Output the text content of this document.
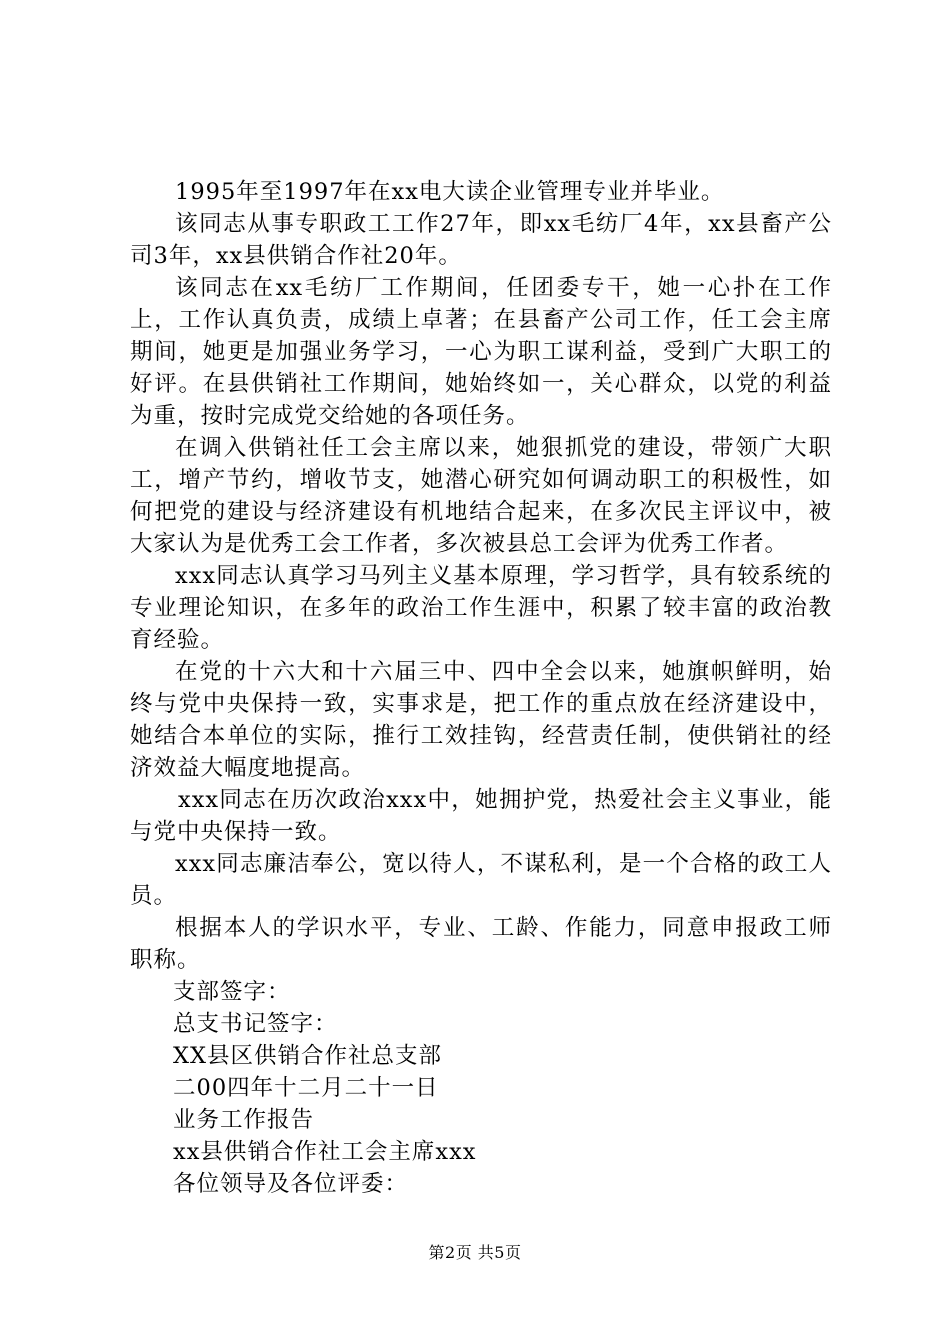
1995年至1997年在xx电大读企业管理专业并毕业。

该同志从事专职政工工作27年，即xx毛纺厂4年，xx县畜产公司3年，xx县供销合作社20年。

该同志在xx毛纺厂工作期间，任团委专干，她一心扑在工作上，工作认真负责，成绩上卓著；在县畜产公司工作，任工会主席期间，她更是加强业务学习，一心为职工谋利益，受到广大职工的好评。在县供销社工作期间，她始终如一，关心群众，以党的利益为重，按时完成党交给她的各项任务。

在调入供销社任工会主席以来，她狠抓党的建设，带领广大职工，增产节约，增收节支，她潜心研究如何调动职工的积极性，如何把党的建设与经济建设有机地结合起来，在多次民主评议中，被大家认为是优秀工会工作者，多次被县总工会评为优秀工作者。

xxx同志认真学习马列主义基本原理，学习哲学，具有较系统的专业理论知识，在多年的政治工作生涯中，积累了较丰富的政治教育经验。

在党的十六大和十六届三中、四中全会以来，她旗帜鲜明，始终与党中央保持一致，实事求是，把工作的重点放在经济建设中，她结合本单位的实际，推行工效挂钩，经营责任制，使供销社的经济效益大幅度地提高。

xxx同志在历次政治xxx中，她拥护党，热爱社会主义事业，能与党中央保持一致。

xxx同志廉洁奉公，宽以待人，不谋私利，是一个合格的政工人员。

根据本人的学识水平，专业、工龄、作能力，同意申报政工师职称。

支部签字：

总支书记签字：

XX县区供销合作社总支部

二00四年十二月二十一日

业务工作报告

xx县供销合作社工会主席xxx

各位领导及各位评委：

第2页 共5页
